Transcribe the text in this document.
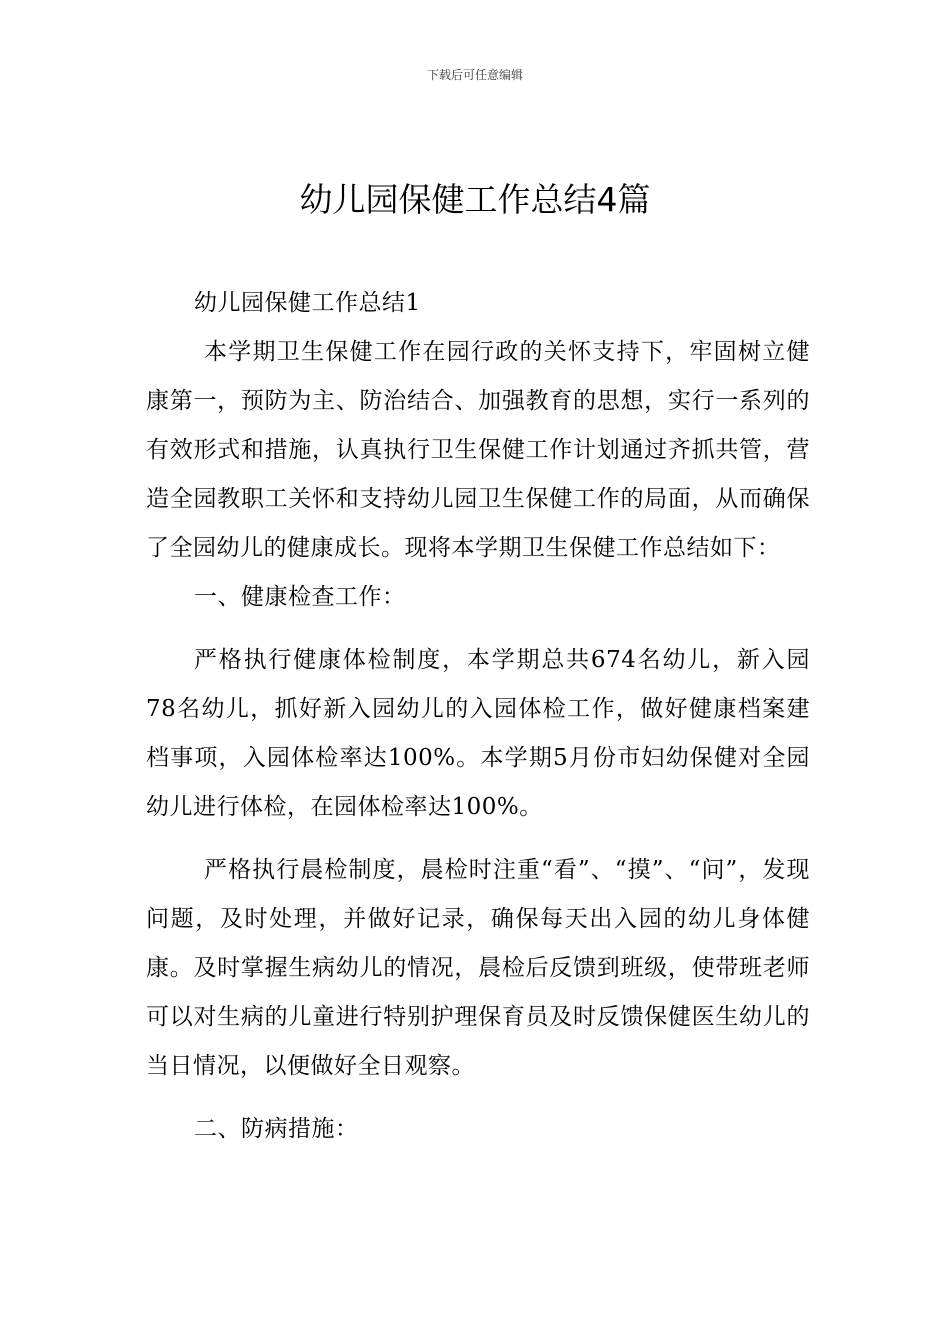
下载后可任意编辑
幼儿园保健工作总结4篇

幼儿园保健工作总结1

本学期卫生保健工作在园行政的关怀支持下，牢固树立健康第一，预防为主、防治结合、加强教育的思想，实行一系列的有效形式和措施，认真执行卫生保健工作计划通过齐抓共管，营造全园教职工关怀和支持幼儿园卫生保健工作的局面，从而确保了全园幼儿的健康成长。现将本学期卫生保健工作总结如下：

一、健康检查工作：

严格执行健康体检制度，本学期总共674名幼儿，新入园78名幼儿，抓好新入园幼儿的入园体检工作，做好健康档案建档事项，入园体检率达100%。本学期5月份市妇幼保健对全园幼儿进行体检，在园体检率达100%。

严格执行晨检制度，晨检时注重“看”、“摸”、“问”，发现问题，及时处理，并做好记录，确保每天出入园的幼儿身体健康。及时掌握生病幼儿的情况，晨检后反馈到班级，使带班老师可以对生病的儿童进行特别护理保育员及时反馈保健医生幼儿的当日情况，以便做好全日观察。

二、防病措施：
